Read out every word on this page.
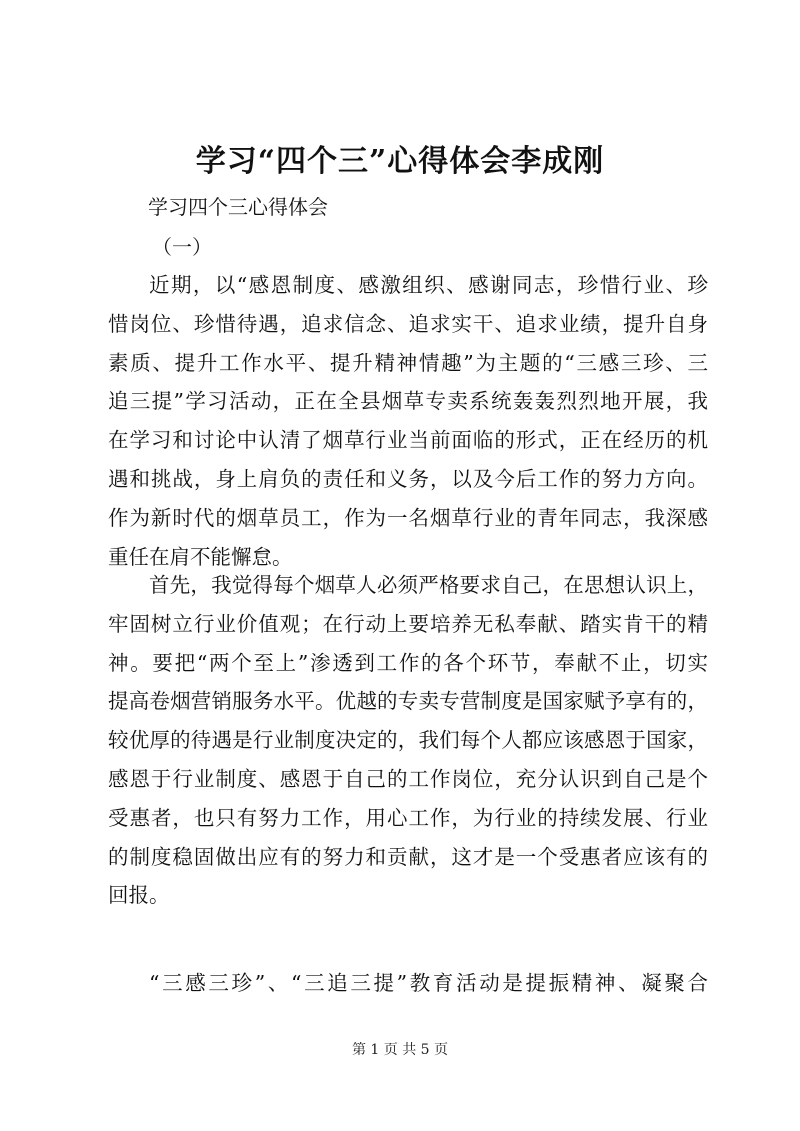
学习“四个三”心得体会李成刚
学习四个三心得体会
（一）
近期，以“感恩制度、感激组织、感谢同志，珍惜行业、珍
惜岗位、珍惜待遇，追求信念、追求实干、追求业绩，提升自身
素质、提升工作水平、提升精神情趣”为主题的“三感三珍、三
追三提”学习活动，正在全县烟草专卖系统轰轰烈烈地开展，我
在学习和讨论中认清了烟草行业当前面临的形式，正在经历的机
遇和挑战，身上肩负的责任和义务，以及今后工作的努力方向。
作为新时代的烟草员工，作为一名烟草行业的青年同志，我深感
重任在肩不能懈怠。
首先，我觉得每个烟草人必须严格要求自己，在思想认识上，
牢固树立行业价值观；在行动上要培养无私奉献、踏实肯干的精
神。要把“两个至上”渗透到工作的各个环节，奉献不止，切实
提高卷烟营销服务水平。优越的专卖专营制度是国家赋予享有的，
较优厚的待遇是行业制度决定的，我们每个人都应该感恩于国家，
感恩于行业制度、感恩于自己的工作岗位，充分认识到自己是个
受惠者，也只有努力工作，用心工作，为行业的持续发展、行业
的制度稳固做出应有的努力和贡献，这才是一个受惠者应该有的
回报。
“三感三珍”、“三追三提”教育活动是提振精神、凝聚合
第 1 页 共 5 页
